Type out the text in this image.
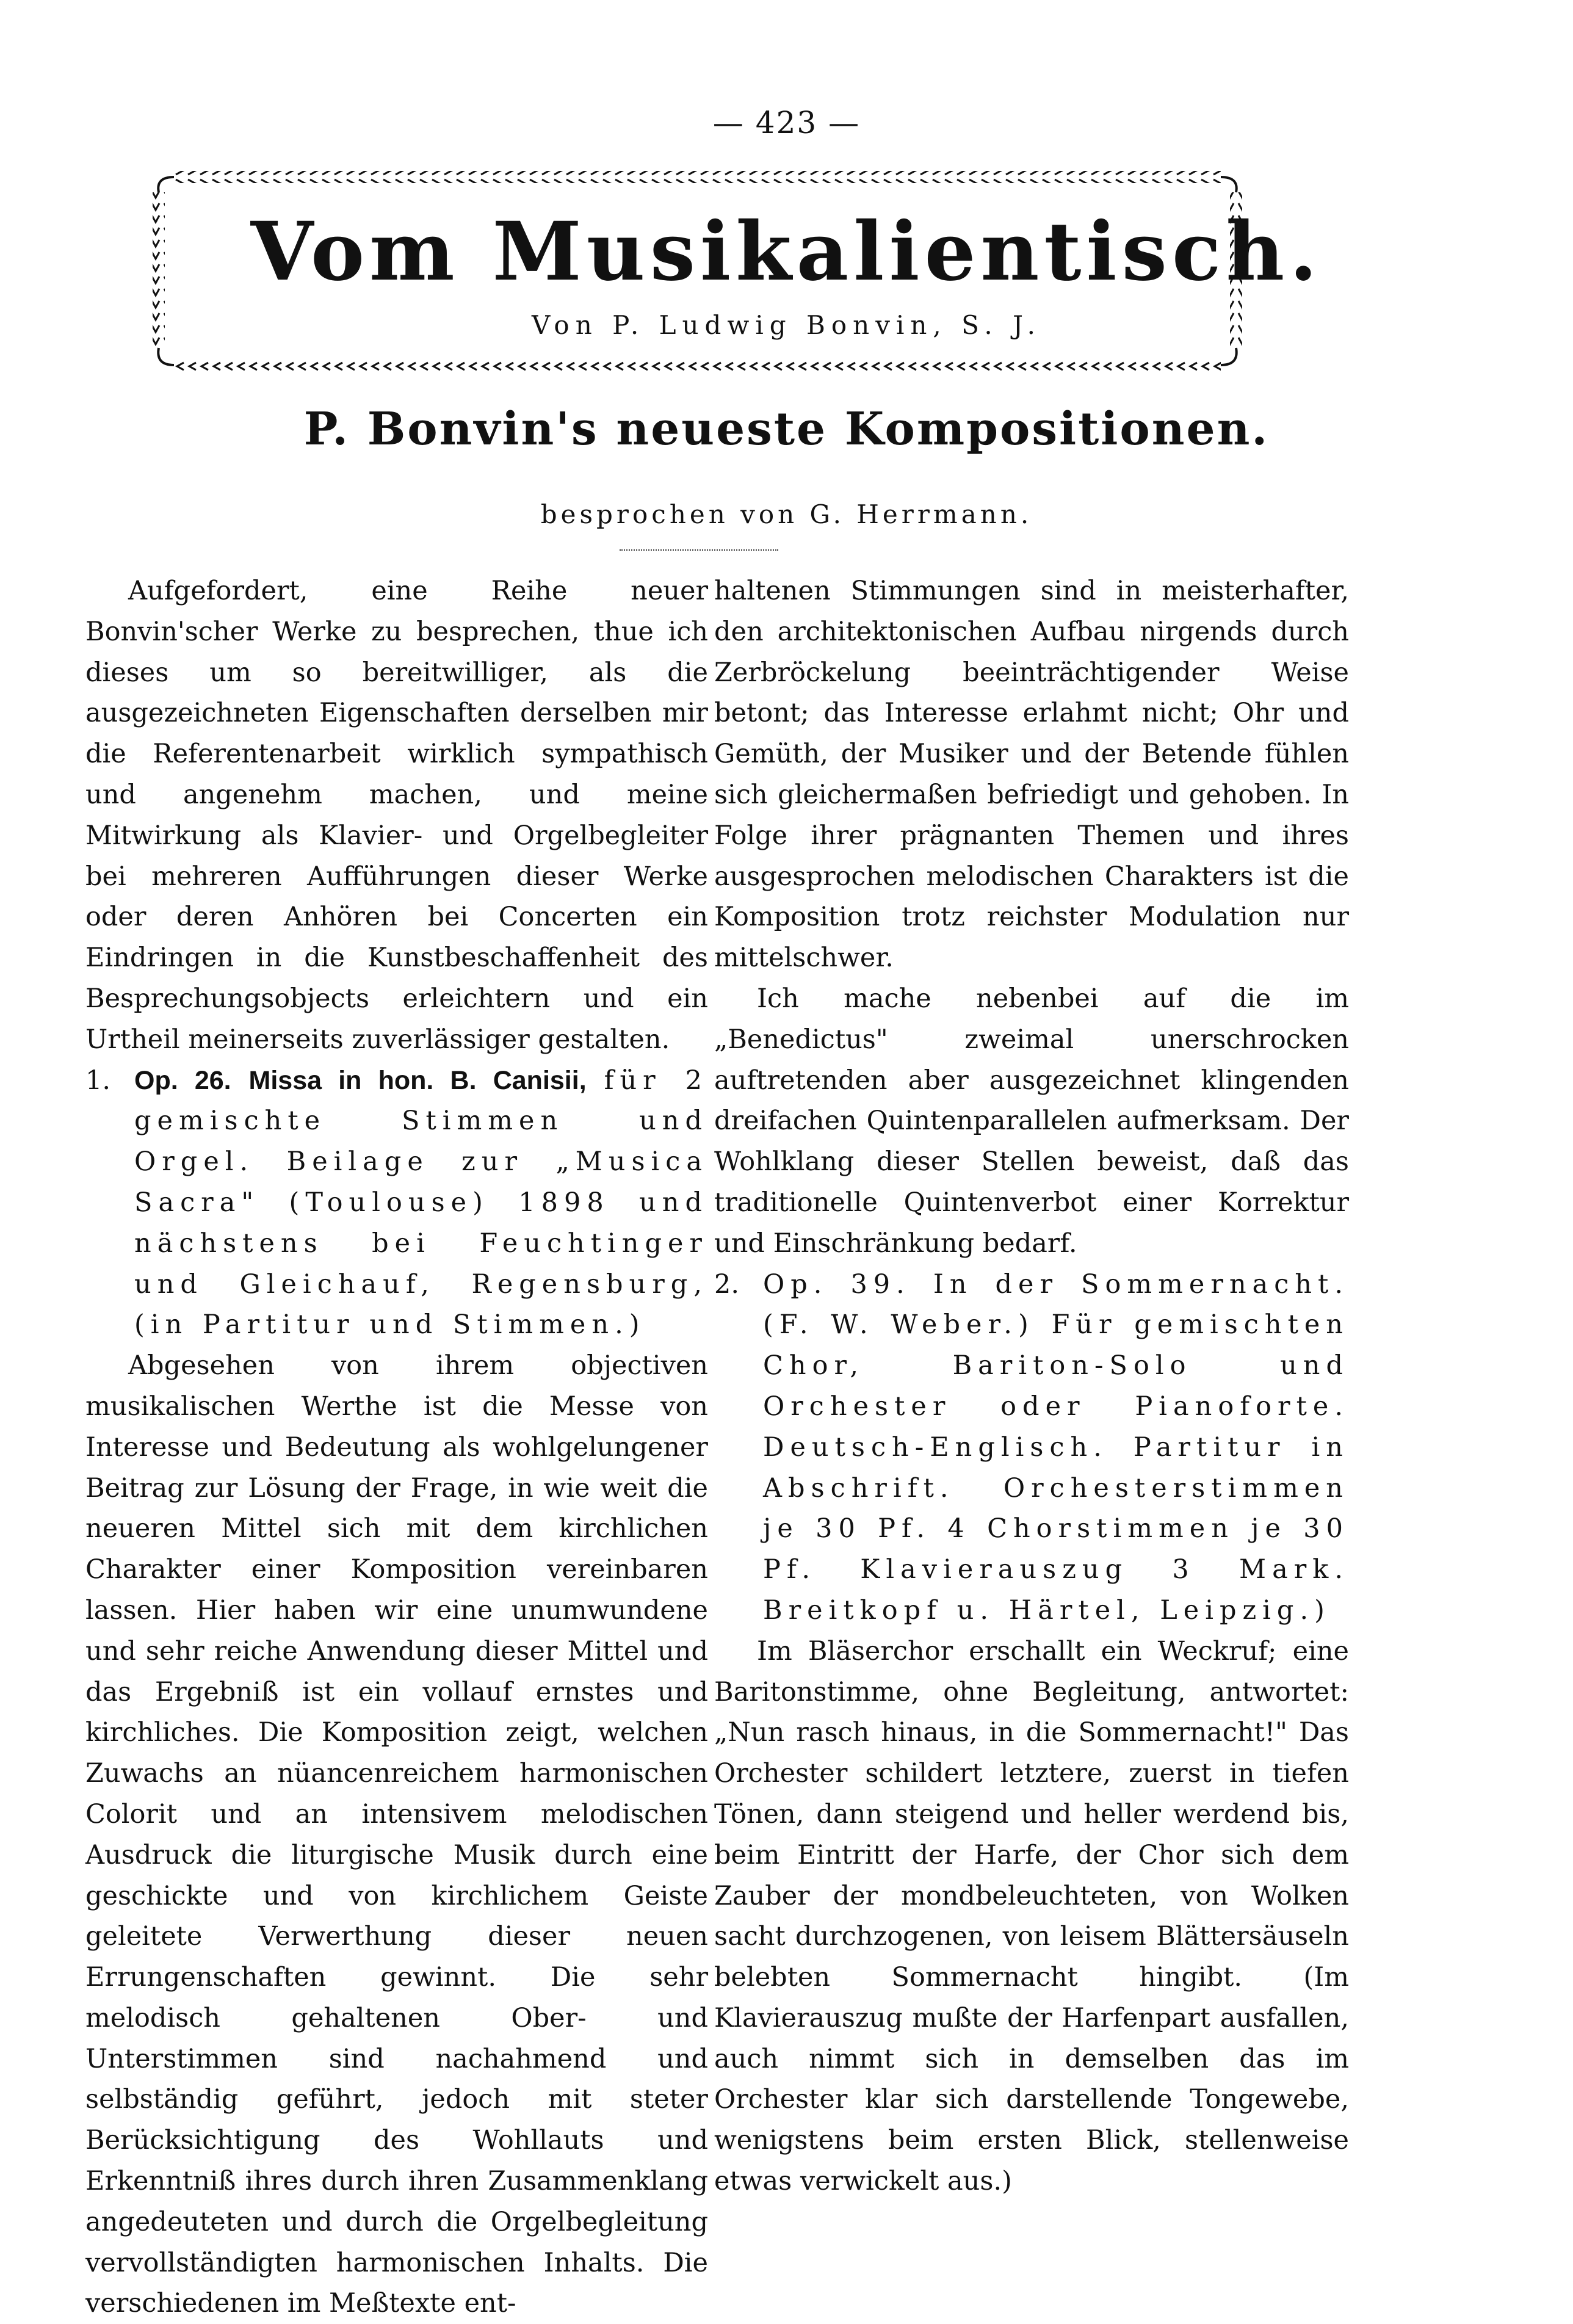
— 423 —
Vom Musikalientisch.
Von P. Ludwig Bonvin, S. J.
P. Bonvin's neueste Kompositionen.
besprochen von G. Herrmann.

Aufgefordert, eine Reihe neuer Bonvin'scher Werke zu besprechen, thue ich dieses um so bereitwilliger, als die ausgezeichneten Eigenschaften derselben mir die Referentenarbeit wirklich sympathisch und angenehm machen, und meine Mitwirkung als Klavier- und Orgelbegleiter bei mehreren Aufführungen dieser Werke oder deren Anhören bei Concerten ein Eindringen in die Kunstbeschaffenheit des Besprechungsobjects erleichtern und ein Urtheil meinerseits zuverlässiger gestalten.

1. Op. 26. Missa in hon. B. Canisii, für 2 gemischte Stimmen und Orgel. Beilage zur „Musica Sacra" (Toulouse) 1898 und nächstens bei Feuchtinger und Gleichauf, Regensburg, (in Partitur und Stimmen.)

Abgesehen von ihrem objectiven musikalischen Werthe ist die Messe von Interesse und Bedeutung als wohlgelungener Beitrag zur Lösung der Frage, in wie weit die neueren Mittel sich mit dem kirchlichen Charakter einer Komposition vereinbaren lassen. Hier haben wir eine unumwundene und sehr reiche Anwendung dieser Mittel und das Ergebniß ist ein vollauf ernstes und kirchliches. Die Komposition zeigt, welchen Zuwachs an nüancenreichem harmonischen Colorit und an intensivem melodischen Ausdruck die liturgische Musik durch eine geschickte und von kirchlichem Geiste geleitete Verwerthung dieser neuen Errungenschaften gewinnt. Die sehr melodisch gehaltenen Ober- und Unterstimmen sind nachahmend und selbständig geführt, jedoch mit steter Berücksichtigung des Wohllauts und Erkenntniß ihres durch ihren Zusammenklang angedeuteten und durch die Orgelbegleitung vervollständigten harmonischen Inhalts. Die verschiedenen im Meßtexte ent-

haltenen Stimmungen sind in meisterhafter, den architektonischen Aufbau nirgends durch Zerbröckelung beeinträchtigender Weise betont; das Interesse erlahmt nicht; Ohr und Gemüth, der Musiker und der Betende fühlen sich gleichermaßen befriedigt und gehoben. In Folge ihrer prägnanten Themen und ihres ausgesprochen melodischen Charakters ist die Komposition trotz reichster Modulation nur mittelschwer.

Ich mache nebenbei auf die im „Benedictus" zweimal unerschrocken auftretenden aber ausgezeichnet klingenden dreifachen Quintenparallelen aufmerksam. Der Wohlklang dieser Stellen beweist, daß das traditionelle Quintenverbot einer Korrektur und Einschränkung bedarf.

2. Op. 39. In der Sommernacht. (F. W. Weber.) Für gemischten Chor, Bariton-Solo und Orchester oder Pianoforte. Deutsch-Englisch. Partitur in Abschrift. Orchesterstimmen je 30 Pf. 4 Chorstimmen je 30 Pf. Klavierauszug 3 Mark. Breitkopf u. Härtel, Leipzig.)

Im Bläserchor erschallt ein Weckruf; eine Baritonstimme, ohne Begleitung, antwortet: „Nun rasch hinaus, in die Sommernacht!" Das Orchester schildert letztere, zuerst in tiefen Tönen, dann steigend und heller werdend bis, beim Eintritt der Harfe, der Chor sich dem Zauber der mondbeleuchteten, von Wolken sacht durchzogenen, von leisem Blättersäuseln belebten Sommernacht hingibt. (Im Klavierauszug mußte der Harfenpart ausfallen, auch nimmt sich in demselben das im Orchester klar sich darstellende Tongewebe, wenigstens beim ersten Blick, stellenweise etwas verwickelt aus.)
